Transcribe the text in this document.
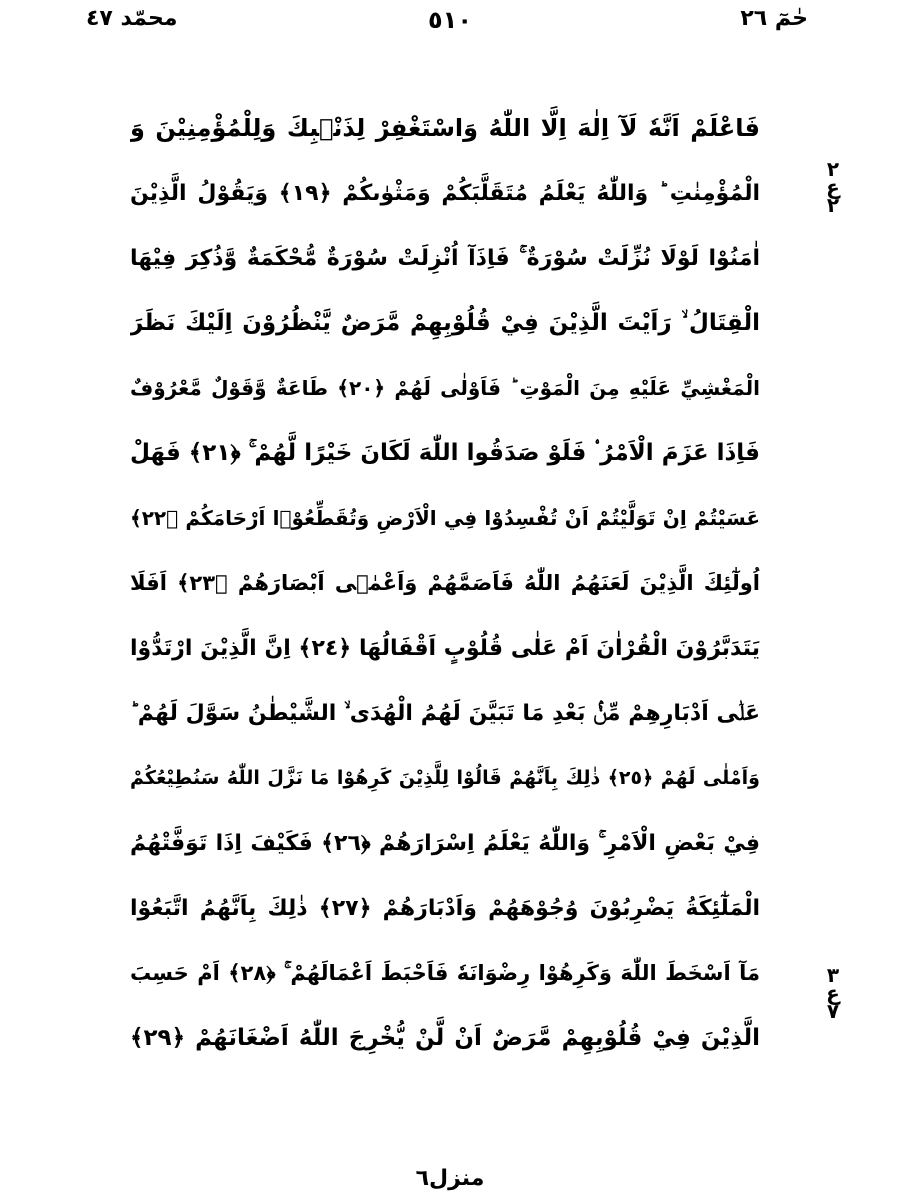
حٰمٓ ٢٦
٥١٠
محمّد ٤٧
٢
ع
٢
٣
ع
٧
فَاعْلَمْ اَنَّهٗ لَآ اِلٰهَ اِلَّا اللّٰهُ وَاسْتَغْفِرْ لِذَنْۢبِكَ وَلِلْمُؤْمِنِيْنَ وَ
الْمُؤْمِنٰتِ ؕ وَاللّٰهُ يَعْلَمُ مُتَقَلَّبَكُمْ وَمَثْوٰىكُمْ ﴿١٩﴾ وَيَقُوْلُ الَّذِيْنَ
اٰمَنُوْا لَوْلَا نُزِّلَتْ سُوْرَةٌ ۚ فَاِذَآ اُنْزِلَتْ سُوْرَةٌ مُّحْكَمَةٌ وَّذُكِرَ فِيْهَا
الْقِتَالُ ۙ رَاَيْتَ الَّذِيْنَ فِيْ قُلُوْبِهِمْ مَّرَضٌ يَّنْظُرُوْنَ اِلَيْكَ نَظَرَ
الْمَغْشِيِّ عَلَيْهِ مِنَ الْمَوْتِ ؕ فَاَوْلٰى لَهُمْ ﴿٢٠﴾ طَاعَةٌ وَّقَوْلٌ مَّعْرُوْفٌ
فَاِذَا عَزَمَ الْاَمْرُ ۟ فَلَوْ صَدَقُوا اللّٰهَ لَكَانَ خَيْرًا لَّهُمْ ۚ ﴿٢١﴾ فَهَلْ
عَسَيْتُمْ اِنْ تَوَلَّيْتُمْ اَنْ تُفْسِدُوْا فِي الْاَرْضِ وَتُقَطِّعُوْۤا اَرْحَامَكُمْ ﴿٢٢﴾
اُولٰٓئِكَ الَّذِيْنَ لَعَنَهُمُ اللّٰهُ فَاَصَمَّهُمْ وَاَعْمٰۤى اَبْصَارَهُمْ ﴿٢٣﴾ اَفَلَا
يَتَدَبَّرُوْنَ الْقُرْاٰنَ اَمْ عَلٰى قُلُوْبٍ اَقْفَالُهَا ﴿٢٤﴾ اِنَّ الَّذِيْنَ ارْتَدُّوْا
عَلٰۤى اَدْبَارِهِمْ مِّنْۢ بَعْدِ مَا تَبَيَّنَ لَهُمُ الْهُدَى ۙ الشَّيْطٰنُ سَوَّلَ لَهُمْ ؕ
وَاَمْلٰى لَهُمْ ﴿٢٥﴾ ذٰلِكَ بِاَنَّهُمْ قَالُوْا لِلَّذِيْنَ كَرِهُوْا مَا نَزَّلَ اللّٰهُ سَنُطِيْعُكُمْ
فِيْ بَعْضِ الْاَمْرِ ۚ وَاللّٰهُ يَعْلَمُ اِسْرَارَهُمْ ﴿٢٦﴾ فَكَيْفَ اِذَا تَوَفَّتْهُمُ
الْمَلٰٓئِكَةُ يَضْرِبُوْنَ وُجُوْهَهُمْ وَاَدْبَارَهُمْ ﴿٢٧﴾ ذٰلِكَ بِاَنَّهُمُ اتَّبَعُوْا
مَآ اَسْخَطَ اللّٰهَ وَكَرِهُوْا رِضْوَانَهٗ فَاَحْبَطَ اَعْمَالَهُمْ ۚ ﴿٢٨﴾ اَمْ حَسِبَ
الَّذِيْنَ فِيْ قُلُوْبِهِمْ مَّرَضٌ اَنْ لَّنْ يُّخْرِجَ اللّٰهُ اَضْغَانَهُمْ ﴿٢٩﴾
منزل٦
